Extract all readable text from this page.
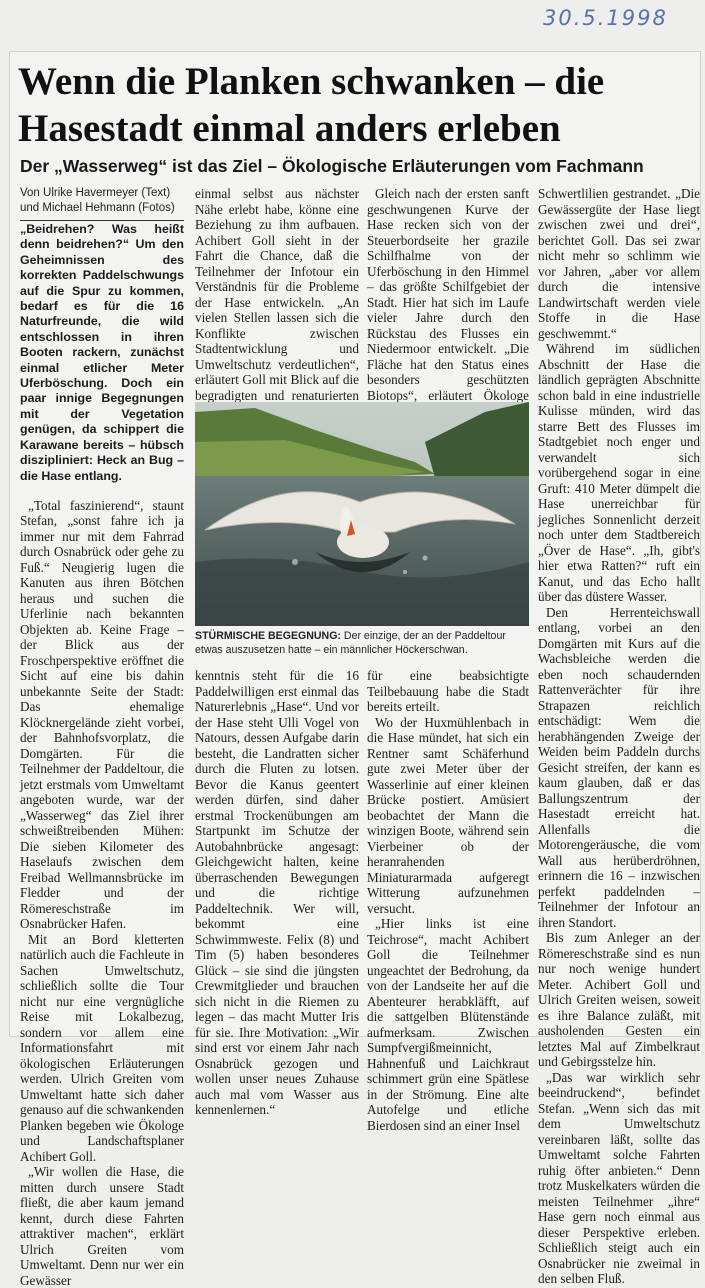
30.5.1998
Wenn die Planken schwanken – die
Hasestadt einmal anders erleben
Der „Wasserweg“ ist das Ziel – Ökologische Erläuterungen vom Fachmann
Von Ulrike Havermeyer (Text)
und Michael Hehmann (Fotos)

„Beidrehen? Was heißt denn beidrehen?“ Um den Geheimnissen des korrekten Paddelschwungs auf die Spur zu kommen, bedarf es für die 16 Naturfreunde, die wild entschlossen in ihren Booten rackern, zunächst einmal etlicher Meter Uferböschung. Doch ein paar innige Begegnungen mit der Vegetation genügen, da schippert die Karawane bereits – hübsch diszipliniert: Heck an Bug – die Hase entlang.

„Total faszinierend“, staunt Stefan, „sonst fahre ich ja immer nur mit dem Fahrrad durch Osnabrück oder gehe zu Fuß.“ Neugierig lugen die Kanuten aus ihren Bötchen heraus und suchen die Uferlinie nach bekannten Objekten ab. Keine Frage – der Blick aus der Froschperspektive eröffnet die Sicht auf eine bis dahin unbekannte Seite der Stadt: Das ehemalige Klöcknergelände zieht vorbei, der Bahnhofsvorplatz, die Domgärten. Für die Teilnehmer der Paddeltour, die jetzt erstmals vom Umweltamt angeboten wurde, war der „Wasserweg“ das Ziel ihrer schweißtreibenden Mühen: Die sieben Kilometer des Haselaufs zwischen dem Freibad Wellmannsbrücke im Fledder und der Römereschstraße im Osnabrücker Hafen.

Mit an Bord kletterten natürlich auch die Fachleute in Sachen Umweltschutz, schließlich sollte die Tour nicht nur eine vergnügliche Reise mit Lokalbezug, sondern vor allem eine Informationsfahrt mit ökologischen Erläuterungen werden. Ulrich Greiten vom Umweltamt hatte sich daher genauso auf die schwankenden Planken begeben wie Ökologe und Landschaftsplaner Achibert Goll.

„Wir wollen die Hase, die mitten durch unsere Stadt fließt, die aber kaum jemand kennt, durch diese Fahrten attraktiver machen“, erklärt Ulrich Greiten vom Umweltamt. Denn nur wer ein Gewässer

einmal selbst aus nächster Nähe erlebt habe, könne eine Beziehung zu ihm aufbauen. Achibert Goll sieht in der Fahrt die Chance, daß die Teilnehmer der Infotour ein Verständnis für die Probleme der Hase entwickeln. „An vielen Stellen lassen sich die Konflikte zwischen Stadtentwicklung und Umweltschutz verdeutlichen“, erläutert Goll mit Blick auf die begradigten und renaturierten

Gleich nach der ersten sanft geschwungenen Kurve der Hase recken sich von der Steuerbordseite her grazile Schilfhalme von der Uferböschung in den Himmel – das größte Schilfgebiet der Stadt. Hier hat sich im Laufe vieler Jahre durch den Rückstau des Flusses ein Niedermoor entwickelt. „Die Fläche hat den Status eines besonders geschützten Biotops“, erläutert Ökologe

STÜRMISCHE BEGEGNUNG: Der einzige, der an der Paddeltour etwas auszusetzen hatte – ein männlicher Höckerschwan.

kenntnis steht für die 16 Paddelwilligen erst einmal das Naturerlebnis „Hase“. Und vor der Hase steht Ulli Vogel von Natours, dessen Aufgabe darin besteht, die Landratten sicher durch die Fluten zu lotsen. Bevor die Kanus geentert werden dürfen, sind daher erstmal Trockenübungen am Startpunkt im Schutze der Autobahnbrücke angesagt: Gleichgewicht halten, keine überraschenden Bewegungen und die richtige Paddeltechnik. Wer will, bekommt eine Schwimmweste. Felix (8) und Tim (5) haben besonderes Glück – sie sind die jüngsten Crewmitglieder und brauchen sich nicht in die Riemen zu legen – das macht Mutter Iris für sie. Ihre Motivation: „Wir sind erst vor einem Jahr nach Osnabrück gezogen und wollen unser neues Zuhause auch mal vom Wasser aus kennenlernen.“

für eine beabsichtigte Teilbebauung habe die Stadt bereits erteilt.

Wo der Huxmühlenbach in die Hase mündet, hat sich ein Rentner samt Schäferhund gute zwei Meter über der Wasserlinie auf einer kleinen Brücke postiert. Amüsiert beobachtet der Mann die winzigen Boote, während sein Vierbeiner ob der heranrahenden Miniaturarmada aufgeregt Witterung aufzunehmen versucht.

„Hier links ist eine Teichrose“, macht Achibert Goll die Teilnehmer ungeachtet der Bedrohung, da von der Landseite her auf die Abenteurer herabkläfft, auf die sattgelben Blütenstände aufmerksam. Zwischen Sumpfvergißmeinnicht, Hahnenfuß und Laichkraut schimmert grün eine Spätlese in der Strömung. Eine alte Autofelge und etliche Bierdosen sind an einer Insel

Schwertlilien gestrandet. „Die Gewässergüte der Hase liegt zwischen zwei und drei“, berichtet Goll. Das sei zwar nicht mehr so schlimm wie vor Jahren, „aber vor allem durch die intensive Landwirtschaft werden viele Stoffe in die Hase geschwemmt.“

Während im südlichen Abschnitt der Hase die ländlich geprägten Abschnitte schon bald in eine industrielle Kulisse münden, wird das starre Bett des Flusses im Stadtgebiet noch enger und verwandelt sich vorübergehend sogar in eine Gruft: 410 Meter dümpelt die Hase unerreichbar für jegliches Sonnenlicht derzeit noch unter dem Stadtbereich „Över de Hase“. „Ih, gibt's hier etwa Ratten?“ ruft ein Kanut, und das Echo hallt über das düstere Wasser.

Den Herrenteichswall entlang, vorbei an den Domgärten mit Kurs auf die Wachsbleiche werden die eben noch schaudernden Rattenverächter für ihre Strapazen reichlich entschädigt: Wem die herabhängenden Zweige der Weiden beim Paddeln durchs Gesicht streifen, der kann es kaum glauben, daß er das Ballungszentrum der Hasestadt erreicht hat. Allenfalls die Motorengeräusche, die vom Wall aus herüberdröhnen, erinnern die 16 – inzwischen perfekt paddelnden – Teilnehmer der Infotour an ihren Standort.

Bis zum Anleger an der Römereschstraße sind es nun nur noch wenige hundert Meter. Achibert Goll und Ulrich Greiten weisen, soweit es ihre Balance zuläßt, mit ausholenden Gesten ein letztes Mal auf Zimbelkraut und Gebirgsstelze hin.

„Das war wirklich sehr beeindruckend“, befindet Stefan. „Wenn sich das mit dem Umweltschutz vereinbaren läßt, sollte das Umweltamt solche Fahrten ruhig öfter anbieten.“ Denn trotz Muskelkaters würden die meisten Teilnehmer „ihre“ Hase gern noch einmal aus dieser Perspektive erleben. Schließlich steigt auch ein Osnabrücker nie zweimal in den selben Fluß.
